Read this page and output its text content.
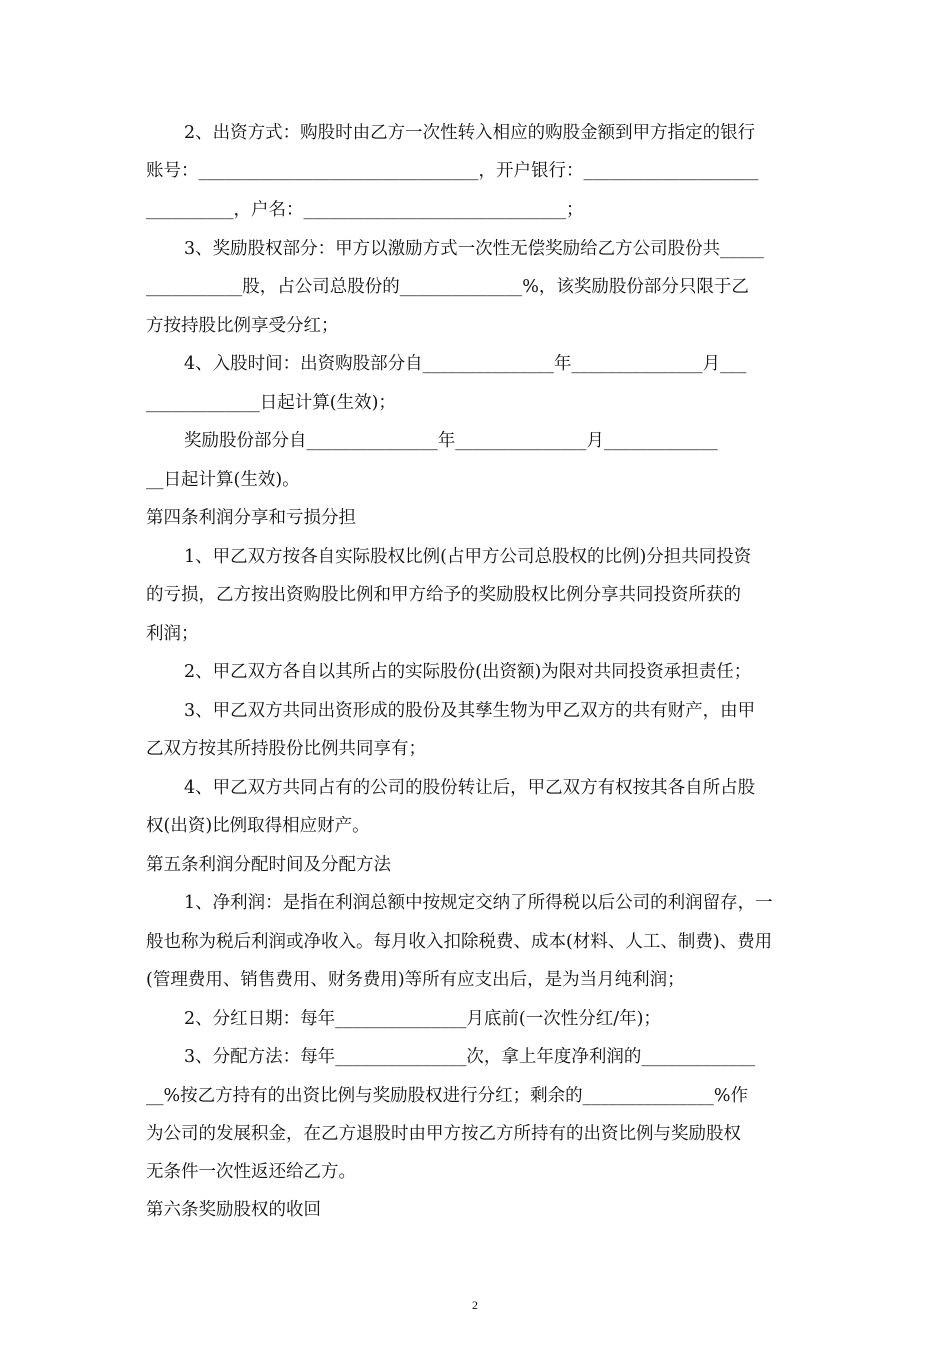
2、出资方式：购股时由乙方一次性转入相应的购股金额到甲方指定的银行
账号：________________________________，开户银行：____________________
__________，户名：______________________________；
3、奖励股权部分：甲方以激励方式一次性无偿奖励给乙方公司股份共_____
___________股，占公司总股份的______________%，该奖励股份部分只限于乙
方按持股比例享受分红；
4、入股时间：出资购股部分自_______________年_______________月___
_____________日起计算(生效)；
奖励股份部分自_______________年_______________月_____________
__日起计算(生效)。
第四条利润分享和亏损分担
1、甲乙双方按各自实际股权比例(占甲方公司总股权的比例)分担共同投资
的亏损，乙方按出资购股比例和甲方给予的奖励股权比例分享共同投资所获的
利润；
2、甲乙双方各自以其所占的实际股份(出资额)为限对共同投资承担责任；
3、甲乙双方共同出资形成的股份及其孳生物为甲乙双方的共有财产，由甲
乙双方按其所持股份比例共同享有；
4、甲乙双方共同占有的公司的股份转让后，甲乙双方有权按其各自所占股
权(出资)比例取得相应财产。
第五条利润分配时间及分配方法
1、净利润：是指在利润总额中按规定交纳了所得税以后公司的利润留存，一
般也称为税后利润或净收入。每月收入扣除税费、成本(材料、人工、制费)、费用
(管理费用、销售费用、财务费用)等所有应支出后，是为当月纯利润；
2、分红日期：每年_______________月底前(一次性分红/年)；
3、分配方法：每年_______________次，拿上年度净利润的_____________
__%按乙方持有的出资比例与奖励股权进行分红；剩余的_______________%作
为公司的发展积金，在乙方退股时由甲方按乙方所持有的出资比例与奖励股权
无条件一次性返还给乙方。
第六条奖励股权的收回
2
